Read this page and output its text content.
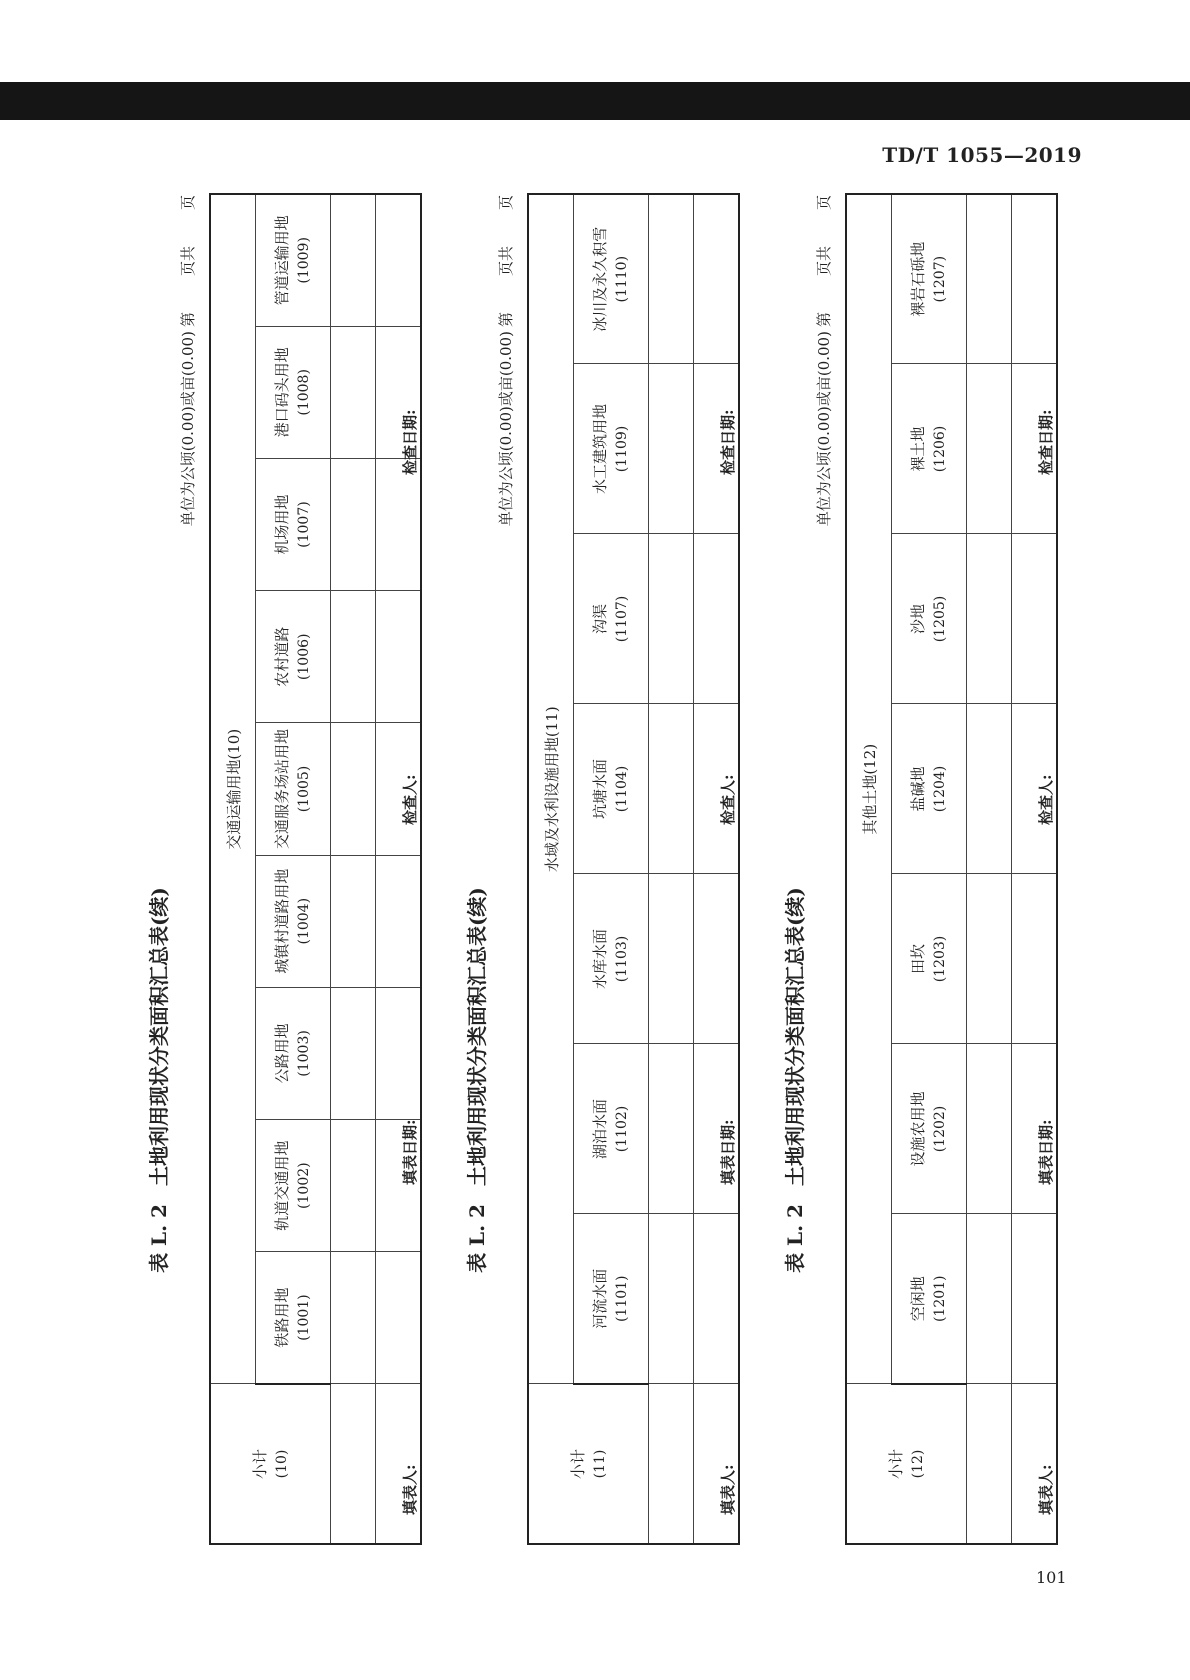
TD/T 1055—2019
表 L. 2土地利用现状分类面积汇总表(续)
单位为公顷(0.00)或亩(0.00)第页共页
小计 (10)	交通运输用地(10)								

	铁路用地 (1001)	轨道交通用地 (1002)	公路用地 (1003)	城镇村道路用地 (1004)	交通服务场站用地 (1005)	农村道路 (1006)	机场用地 (1007)	港口码头用地 (1008)	管道运输用地 (1009)

填表人:
填表日期:
检查人:
检查日期:
表 L. 2土地利用现状分类面积汇总表(续)
单位为公顷(0.00)或亩(0.00)第页共页
小计 (11)	水域及水利设施用地(11)						

	河流水面 (1101)	湖泊水面 (1102)	水库水面 (1103)	坑塘水面 (1104)	沟渠 (1107)	水工建筑用地 (1109)	冰川及永久积雪 (1110)

填表人:
填表日期:
检查人:
检查日期:
表 L. 2土地利用现状分类面积汇总表(续)
单位为公顷(0.00)或亩(0.00)第页共页
小计 (12)	其他土地(12)						

	空闲地 (1201)	设施农用地 (1202)	田坎 (1203)	盐碱地 (1204)	沙地 (1205)	裸土地 (1206)	裸岩石砾地 (1207)

填表人:
填表日期:
检查人:
检查日期:
101
